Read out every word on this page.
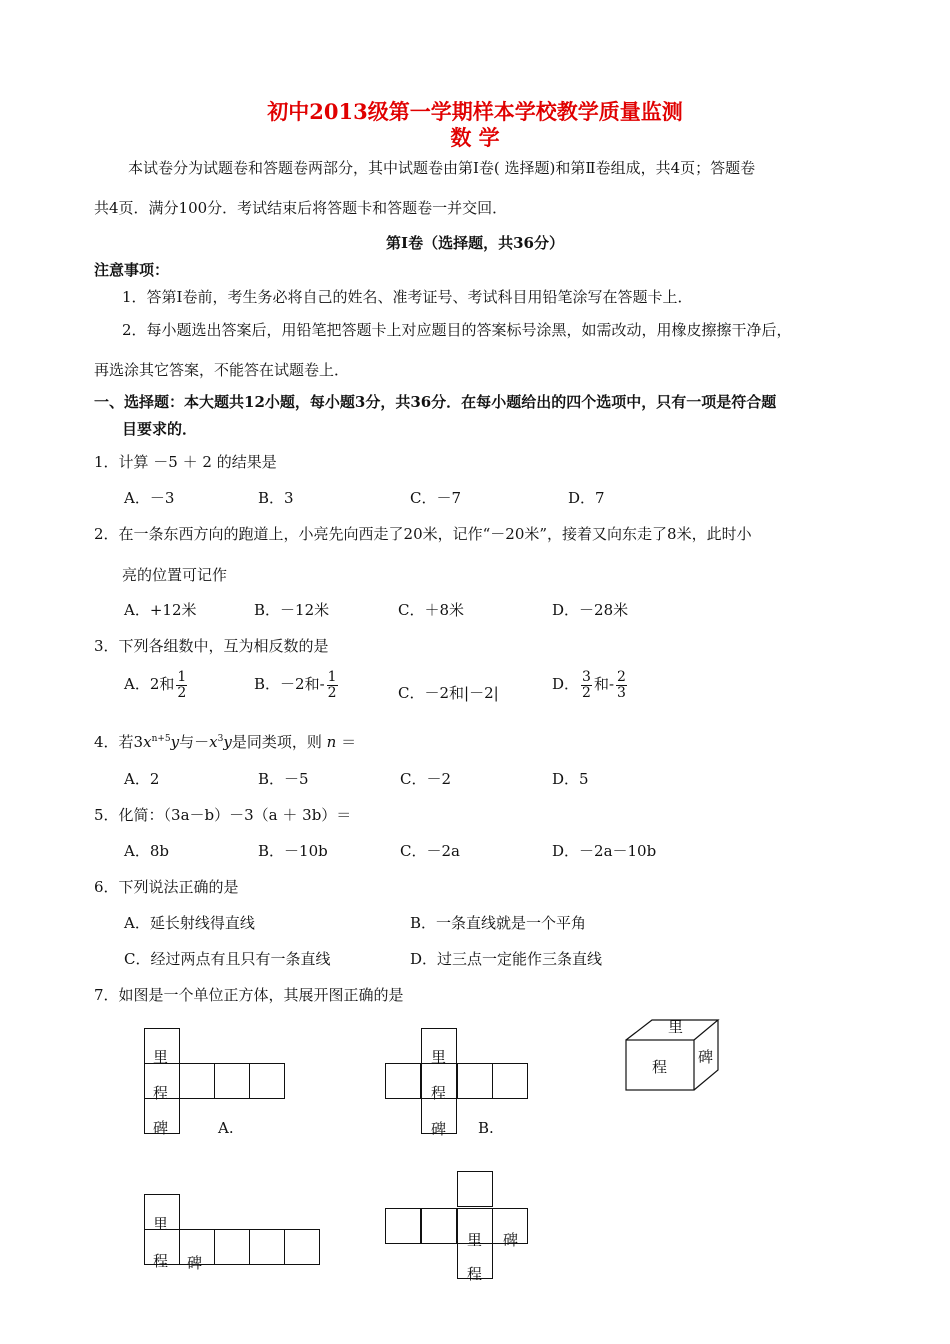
初中2013级第一学期样本学校教学质量监测
数 学
本试卷分为试题卷和答题卷两部分，其中试题卷由第Ⅰ卷( 选择题)和第Ⅱ卷组成，共4页；答题卷
共4页．满分100分．考试结束后将答题卡和答题卷一并交回．
第Ⅰ卷（选择题，共36分）
注意事项：
1．答第Ⅰ卷前，考生务必将自己的姓名、准考证号、考试科目用铅笔涂写在答题卡上．
2．每小题选出答案后，用铅笔把答题卡上对应题目的答案标号涂黑，如需改动，用橡皮擦擦干净后，
再选涂其它答案，不能答在试题卷上．
一、选择题：本大题共12小题，每小题3分，共36分．在每小题给出的四个选项中，只有一项是符合题
目要求的．
1．计算 －5 ＋ 2 的结果是
A．－3	B．3	C．－7	D．7
2．在一条东西方向的跑道上，小亮先向西走了20米，记作“－20米”，接着又向东走了8米，此时小
亮的位置可记作
A．+12米	B．－12米	C．＋8米	D．－28米
3．下列各组数中，互为相反数的是
A．2和 $\frac{1}{2}$	B．－2和- $\frac{1}{2}$	C．－2和|－2|	D． $\frac{3}{2}$ 和- $\frac{2}{3}$
4．若$3x^{n+5}y$与$-x^3y$是同类项，则 n ＝
A．2	B．－5	C．－2	D．5
5．化简：（3a－b）－3（a ＋ 3b）＝
A．8b	B．－10b	C．－2a	D．－2a－10b
6．下列说法正确的是
A．延长射线得直线	B．一条直线就是一个平角
C．经过两点有且只有一条直线	D．过三点一定能作三条直线
7．如图是一个单位正方体，其展开图正确的是
里
程
碑	A.
里
程
碑 B.
里
程
碑
里
程 碑
里 碑
程
